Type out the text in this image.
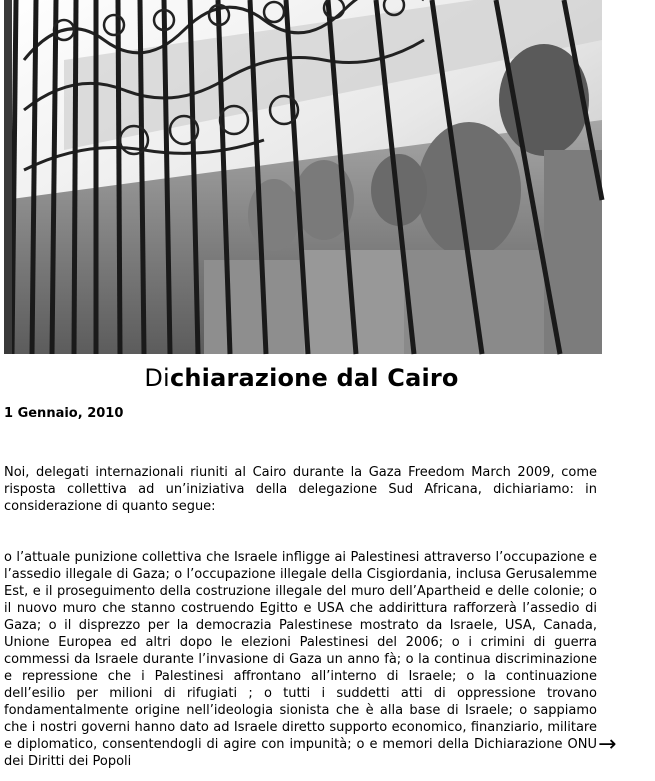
Dichiarazione dal Cairo
1 Gennaio, 2010

Noi, delegati internazionali riuniti al Cairo durante la Gaza Freedom March 2009, come risposta collettiva ad un’iniziativa della delegazione Sud Africana, dichiariamo: in considerazione di quanto segue:

o l’attuale punizione collettiva che Israele infligge ai Palestinesi attraverso l’occupazione e l’assedio illegale di Gaza; o l’occupazione illegale della Cisgiordania, inclusa Gerusalemme Est, e il proseguimento della costruzione illegale del muro dell’Apartheid e delle colonie; o il nuovo muro che stanno costruendo Egitto e USA che addirittura rafforzerà l’assedio di Gaza; o il disprezzo per la democrazia Palestinese mostrato da Israele, USA, Canada, Unione Europea ed altri dopo le elezioni Palestinesi del 2006; o i crimini di guerra commessi da Israele durante l’invasione di Gaza un anno fà; o la continua discriminazione e repressione che i Palestinesi affrontano all’interno di Israele; o la continuazione dell’esilio per milioni di rifugiati ; o tutti i suddetti atti di oppressione trovano fondamentalmente origine nell’ideologia sionista che è alla base di Israele; o sappiamo che i nostri governi hanno dato ad Israele diretto supporto economico, finanziario, militare e diplomatico, consentendogli di agire con impunità; o e memori della Dichiarazione ONU dei Diritti dei Popoli

→
